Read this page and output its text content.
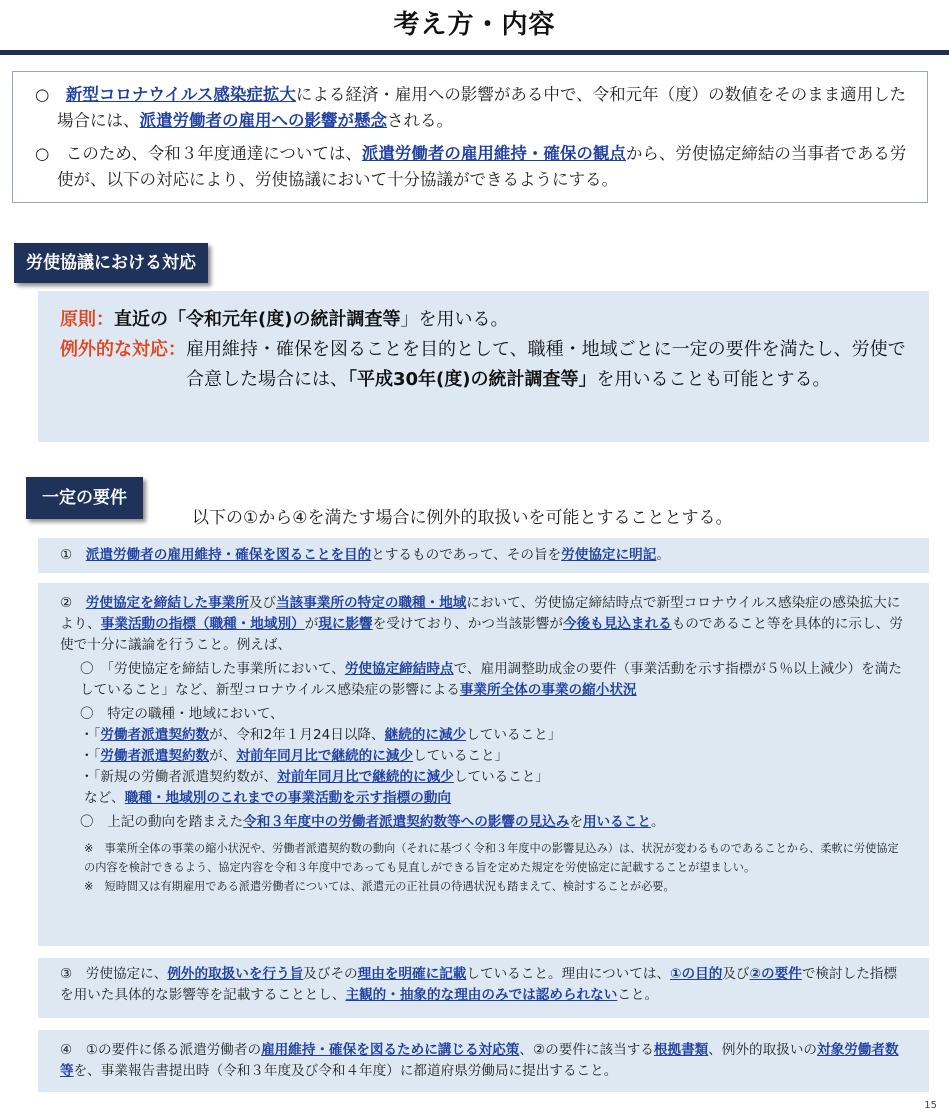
考え方・内容

○　 新型コロナウイルス感染症拡大による経済・雇用への影響がある中で、令和元年（度）の数値をそのまま適用した場合には、派遣労働者の雇用への影響が懸念される。

○　 このため、令和３年度通達については、派遣労働者の雇用維持・確保の観点から、労使協定締結の当事者である労使が、以下の対応により、労使協議において十分協議ができるようにする。

労使協議における対応
原則： 直近の「令和元年(度)の統計調査等」を用いる。
例外的な対応： 雇用維持・確保を図ることを目的として、職種・地域ごとに一定の要件を満たし、労使で合意した場合には、「平成30年(度)の統計調査等」を用いることも可能とする。
一定の要件
以下の①から④を満たす場合に例外的取扱いを可能とすることとする。
①　 派遣労働者の雇用維持・確保を図ることを目的とするものであって、その旨を労使協定に明記。
②　 労使協定を締結した事業所及び当該事業所の特定の職種・地域において、労使協定締結時点で新型コロナウイルス感染症の感染拡大により、事業活動の指標（職種・地域別）が現に影響を受けており、かつ当該影響が今後も見込まれるものであること等を具体的に示し、労使で十分に議論を行うこと。例えば、
〇　 「労使協定を締結した事業所において、労使協定締結時点で、雇用調整助成金の要件（事業活動を示す指標が５％以上減少）を満たしていること」など、新型コロナウイルス感染症の影響による事業所全体の事業の縮小状況
〇　 特定の職種・地域において、
・「労働者派遣契約数が、令和2年１月24日以降、継続的に減少していること」
・「労働者派遣契約数が、対前年同月比で継続的に減少していること」
・「新規の労働者派遣契約数が、対前年同月比で継続的に減少していること」
など、職種・地域別のこれまでの事業活動を示す指標の動向
〇　 上記の動向を踏まえた令和３年度中の労働者派遣契約数等への影響の見込みを用いること。
※　事業所全体の事業の縮小状況や、労働者派遣契約数の動向（それに基づく令和３年度中の影響見込み）は、状況が変わるものであることから、柔軟に労使協定の内容を検討できるよう、協定内容を令和３年度中であっても見直しができる旨を定めた規定を労使協定に記載することが望ましい。
※　短時間又は有期雇用である派遣労働者については、派遣元の正社員の待遇状況も踏まえて、検討することが必要。
③　 労使協定に、例外的取扱いを行う旨及びその理由を明確に記載していること。理由については、①の目的及び②の要件で検討した指標を用いた具体的な影響等を記載することとし、主観的・抽象的な理由のみでは認められないこと。
④　 ①の要件に係る派遣労働者の雇用維持・確保を図るために講じる対応策、②の要件に該当する根拠書類、例外的取扱いの対象労働者数等を、事業報告書提出時（令和３年度及び令和４年度）に都道府県労働局に提出すること。
15
